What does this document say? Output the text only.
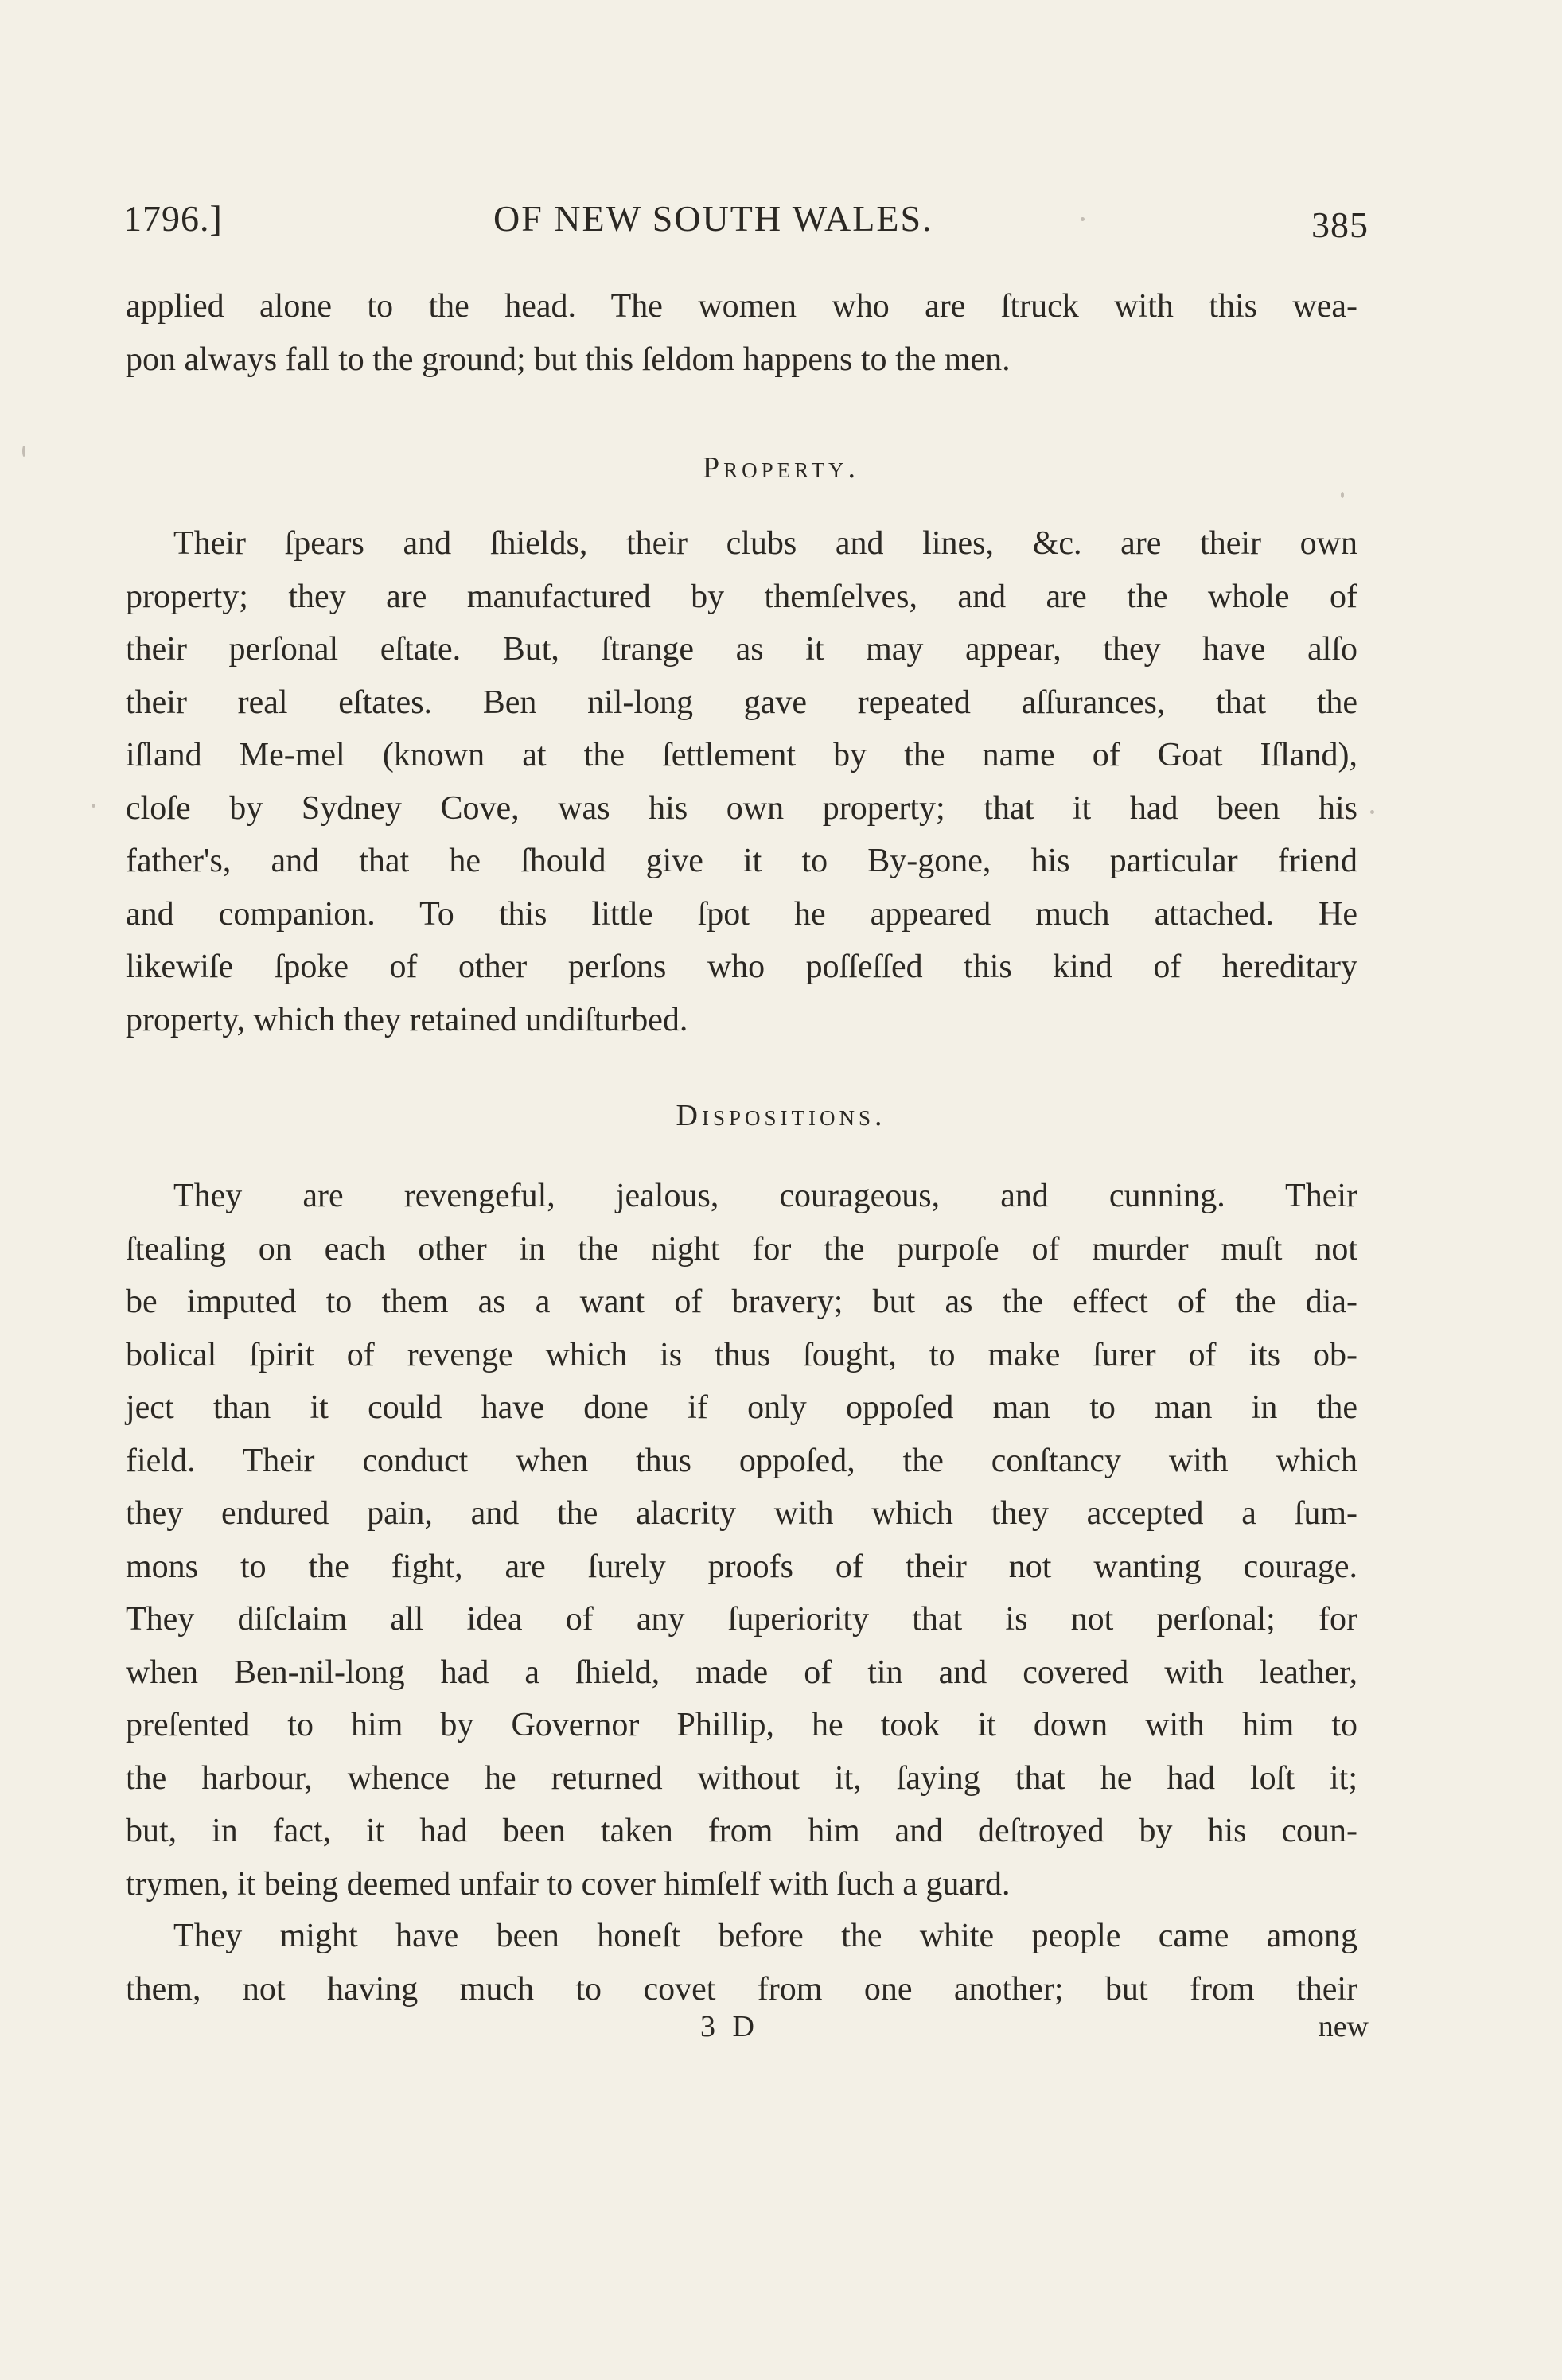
1796.]	OF NEW SOUTH WALES.	385
applied alone to the head. The women who are ſtruck with this wea-
pon always fall to the ground; but this ſeldom happens to the men.
Property.
Their ſpears and ſhields, their clubs and lines, &c. are their own
property; they are manufactured by themſelves, and are the whole of
their perſonal eſtate. But, ſtrange as it may appear, they have alſo
their real eſtates. Ben nil-long gave repeated aſſurances, that the
iſland Me-mel (known at the ſettlement by the name of Goat Iſland),
cloſe by Sydney Cove, was his own property; that it had been his
father's, and that he ſhould give it to By-gone, his particular friend
and companion. To this little ſpot he appeared much attached. He
likewiſe ſpoke of other perſons who poſſeſſed this kind of hereditary
property, which they retained undiſturbed.
Dispositions.
They are revengeful, jealous, courageous, and cunning. Their
ſtealing on each other in the night for the purpoſe of murder muſt not
be imputed to them as a want of bravery; but as the effect of the dia-
bolical ſpirit of revenge which is thus ſought, to make ſurer of its ob-
ject than it could have done if only oppoſed man to man in the
field. Their conduct when thus oppoſed, the conſtancy with which
they endured pain, and the alacrity with which they accepted a ſum-
mons to the fight, are ſurely proofs of their not wanting courage.
They diſclaim all idea of any ſuperiority that is not perſonal; for
when Ben-nil-long had a ſhield, made of tin and covered with leather,
preſented to him by Governor Phillip, he took it down with him to
the harbour, whence he returned without it, ſaying that he had loſt it;
but, in fact, it had been taken from him and deſtroyed by his coun-
trymen, it being deemed unfair to cover himſelf with ſuch a guard.
They might have been honeſt before the white people came among
them, not having much to covet from one another; but from their
3 D	new
